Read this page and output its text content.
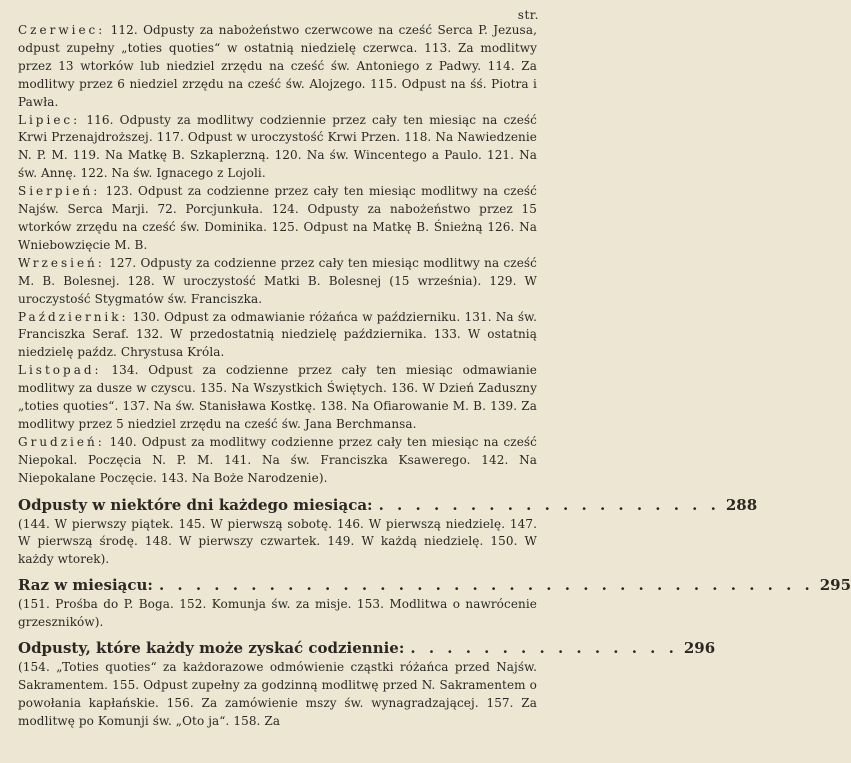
str.

Czerwiec: 112. Odpusty za nabożeństwo czerwcowe na cześć Serca P. Jezusa, odpust zupełny „toties quoties“ w ostatnią niedzielę czerwca. 113. Za modlitwy przez 13 wtorków lub niedziel zrzędu na cześć św. Antoniego z Padwy. 114. Za modlitwy przez 6 niedziel zrzędu na cześć św. Alojzego. 115. Odpust na śś. Piotra i Pawła.

Lipiec: 116. Odpusty za modlitwy codziennie przez cały ten miesiąc na cześć Krwi Przenajdroższej. 117. Odpust w uroczystość Krwi Przen. 118. Na Nawiedzenie N. P. M. 119. Na Matkę B. Szkaplerzną. 120. Na św. Wincentego a Paulo. 121. Na św. Annę. 122. Na św. Ignacego z Lojoli.

Sierpień: 123. Odpust za codzienne przez cały ten miesiąc modlitwy na cześć Najśw. Serca Marji. 72. Porcjunkuła. 124. Odpusty za nabożeństwo przez 15 wtorków zrzędu na cześć św. Dominika. 125. Odpust na Matkę B. Śnieżną 126. Na Wniebowzięcie M. B.

Wrzesień: 127. Odpusty za codzienne przez cały ten miesiąc modlitwy na cześć M. B. Bolesnej. 128. W uroczystość Matki B. Bolesnej (15 września). 129. W uroczystość Stygmatów św. Franciszka.

Październik: 130. Odpust za odmawianie różańca w październiku. 131. Na św. Franciszka Seraf. 132. W przedostatnią niedzielę października. 133. W ostatnią niedzielę paźdz. Chrystusa Króla.

Listopad: 134. Odpust za codzienne przez cały ten miesiąc odmawianie modlitwy za dusze w czyscu. 135. Na Wszystkich Świętych. 136. W Dzień Zaduszny „toties quoties“. 137. Na św. Stanisława Kostkę. 138. Na Ofiarowanie M. B. 139. Za modlitwy przez 5 niedziel zrzędu na cześć św. Jana Berchmansa.

Grudzień: 140. Odpust za modlitwy codzienne przez cały ten miesiąc na cześć Niepokal. Poczęcia N. P. M. 141. Na św. Franciszka Ksawerego. 142. Na Niepokalane Poczęcie. 143. Na Boże Narodzenie).

Odpusty w niektóre dni każdego miesiąca: . . . . . . . . . . . . . . . . . . . 288

(144. W pierwszy piątek. 145. W pierwszą sobotę. 146. W pierwszą niedzielę. 147. W pierwszą środę. 148. W pierwszy czwartek. 149. W każdą niedzielę. 150. W każdy wtorek).

Raz w miesiącu: . . . . . . . . . . . . . . . . . . . . . . . . . . . . . . . . . . . . 295

(151. Prośba do P. Boga. 152. Komunja św. za misje. 153. Modlitwa o nawrócenie grzeszników).

Odpusty, które każdy może zyskać codziennie: . . . . . . . . . . . . . . . 296

(154. „Toties quoties“ za każdorazowe odmówienie cząstki różańca przed Najśw. Sakramentem. 155. Odpust zupełny za godzinną modlitwę przed N. Sakramentem o powołania kapłańskie. 156. Za zamówienie mszy św. wynagradzającej. 157. Za modlitwę po Komunji św. „Oto ja“. 158. Za
